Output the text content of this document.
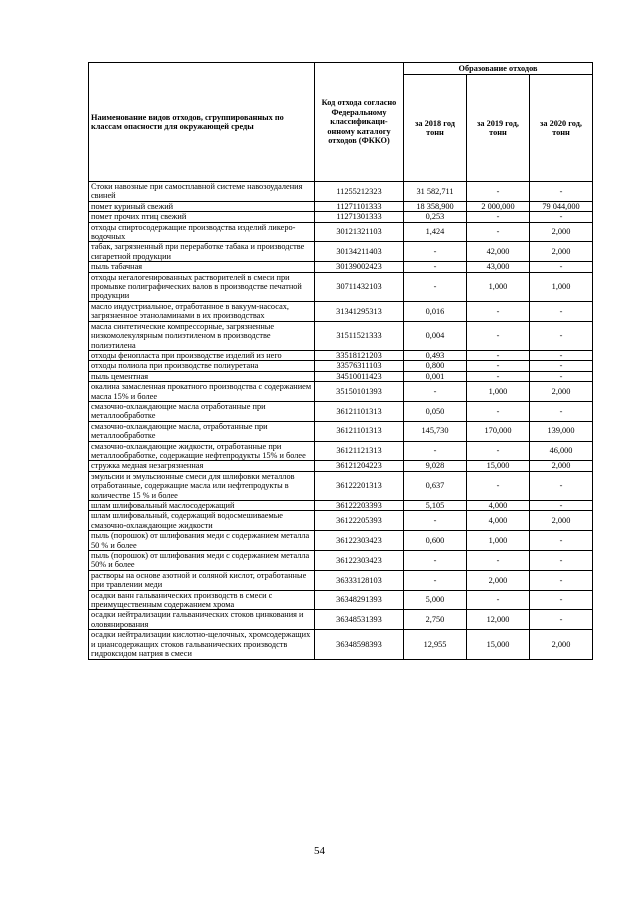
Наименование видов отходов, сгруппированных по классам опасности для окружающей среды	Код отхода согласно Федеральному классификаци-онному каталогу отходов (ФККО)	Образование отходов		
		за 2018 год тонн	за 2019 год, тонн	за 2020 год, тонн
Стоки навозные при самосплавной системе навозоудаления свиней	11255212323	31 582,711	-	-
помет куриный свежий	11271101333	18 358,900	2 000,000	79 044,000
помет прочих птиц свежий	11271301333	0,253	-	-
отходы спиртосодержащие производства изделий ликеро-водочных	30121321103	1,424	-	2,000
табак, загрязненный при переработке табака и производстве сигаретной продукции	30134211403	-	42,000	2,000
пыль табачная	30139002423	-	43,000	-
отходы негалогенированных растворителей в смеси при промывке полиграфических валов в производстве печатной продукции	30711432103	-	1,000	1,000
масло индустриальное, отработанное в вакуум-насосах, загрязненное этаноламинами в их производствах	31341295313	0,016	-	-
масла синтетические компрессорные, загрязненные низкомолекулярным полиэтиленом в производстве полиэтилена	31511521333	0,004	-	-
отходы фенопласта при производстве изделий из него	33518121203	0,493	-	-
отходы полиола при производстве полиуретана	33576311103	0,800	-	-
пыль цементная	34510011423	0,001	-	-
окалина замасленная прокатного производства с содержанием масла 15% и более	35150101393	-	1,000	2,000
смазочно-охлаждающие масла отработанные при металлообработке	36121101313	0,050	-	-
смазочно-охлаждающие масла, отработанные при металлообработке	36121101313	145,730	170,000	139,000
смазочно-охлаждающие жидкости, отработанные при металлообработке, содержащие нефтепродукты 15% и более	36121121313	-	-	46,000
стружка медная незагрязненная	36121204223	9,028	15,000	2,000
эмульсии и эмульсионные смеси для шлифовки металлов отработанные, содержащие масла или нефтепродукты в количестве 15 % и более	36122201313	0,637	-	-
шлам шлифовальный маслосодержащий	36122203393	5,105	4,000	-
шлам шлифовальный, содержащий водосмешиваемые смазочно-охлаждающие жидкости	36122205393	-	4,000	2,000
пыль (порошок) от шлифования меди с содержанием металла 50 % и более	36122303423	0,600	1,000	-
пыль (порошок) от шлифования меди с содержанием металла 50% и более	36122303423	-	-	-
растворы на основе азотной и соляной кислот, отработанные при травлении меди	36333128103	-	2,000	-
осадки ванн гальванических производств в смеси с преимущественным содержанием хрома	36348291393	5,000	-	-
осадки нейтрализации гальванических стоков цинкования и оловянирования	36348531393	2,750	12,000	-
осадки нейтрализации кислотно-щелочных, хромсодержащих и циансодержащих стоков гальванических производств гидроксидом натрия в смеси	36348598393	12,955	15,000	2,000
54
